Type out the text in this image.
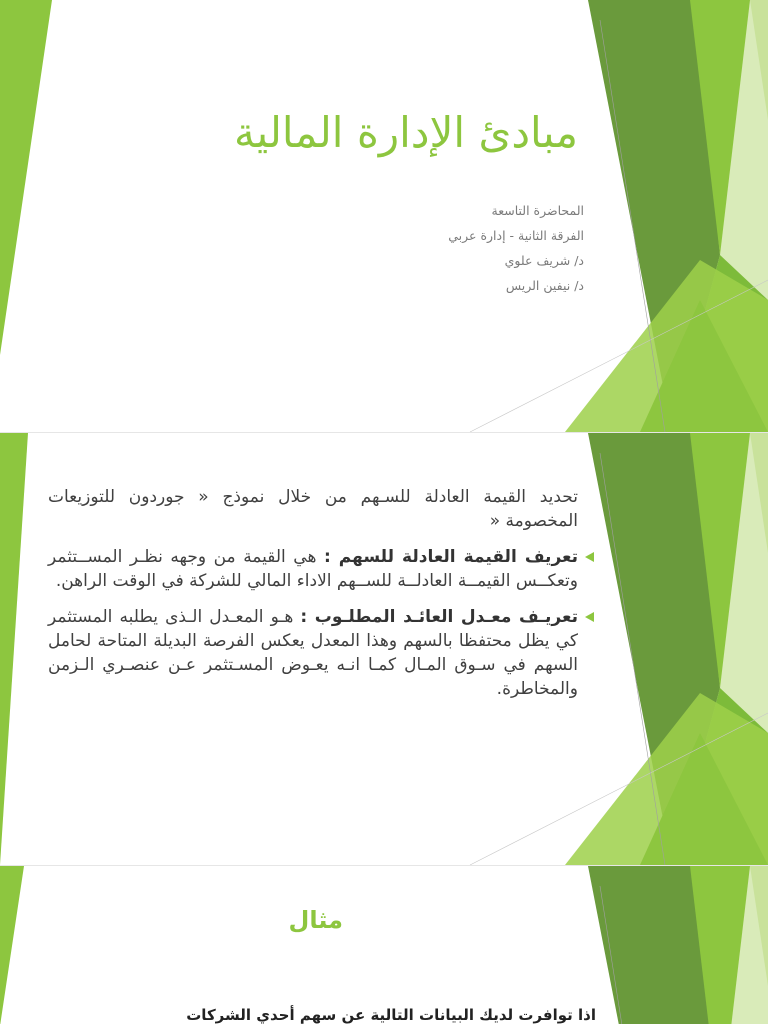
مبادئ الإدارة المالية
المحاضرة التاسعة
الفرقة الثانية - إدارة عربي
د/ شريف علوي
د/ نيفين الريس

تحديد القيمة العادلة للسـهم من خلال نموذج « جوردون للتوزيعات المخصومة «

تعريف القيمة العادلة للسهم : هي القيمة من وجهه نظـر المســتثمر وتعكــس القيمــة العادلــة للســهم الاداء المالي للشركة في الوقت الراهن.
تعريـف معـدل العائـد المطلـوب : هـو المعـدل الـذى يطلبه المستثمر كي يظل محتفظا بالسهم وهذا المعدل يعكس الفرصة البديلة المتاحة لحامل السهم في سـوق المـال كمـا انـه يعـوض المسـتثمر عـن عنصـري الـزمن والمخاطرة.
مثال
اذا توافرت لديك البيانات التالية عن سهم أحدي الشركات
